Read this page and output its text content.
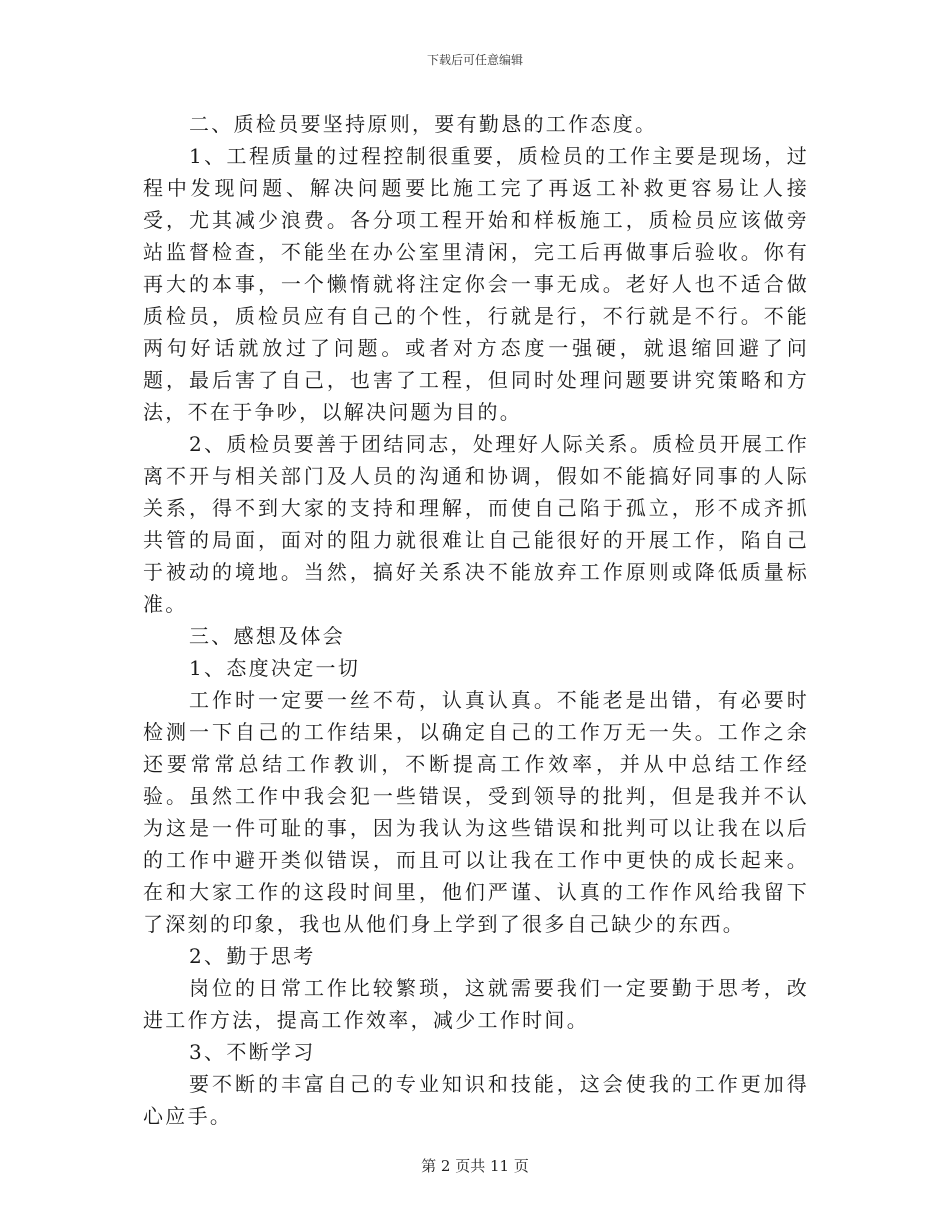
下载后可任意编辑

二、质检员要坚持原则，要有勤恳的工作态度。

1、工程质量的过程控制很重要，质检员的工作主要是现场，过程中发现问题、解决问题要比施工完了再返工补救更容易让人接受，尤其减少浪费。各分项工程开始和样板施工，质检员应该做旁站监督检查，不能坐在办公室里清闲，完工后再做事后验收。你有再大的本事，一个懒惰就将注定你会一事无成。老好人也不适合做质检员，质检员应有自己的个性，行就是行，不行就是不行。不能两句好话就放过了问题。或者对方态度一强硬，就退缩回避了问题，最后害了自己，也害了工程，但同时处理问题要讲究策略和方法，不在于争吵，以解决问题为目的。

2、质检员要善于团结同志，处理好人际关系。质检员开展工作离不开与相关部门及人员的沟通和协调，假如不能搞好同事的人际关系，得不到大家的支持和理解，而使自己陷于孤立，形不成齐抓共管的局面，面对的阻力就很难让自己能很好的开展工作，陷自己于被动的境地。当然，搞好关系决不能放弃工作原则或降低质量标准。

三、感想及体会

1、态度决定一切

工作时一定要一丝不苟，认真认真。不能老是出错，有必要时检测一下自己的工作结果，以确定自己的工作万无一失。工作之余还要常常总结工作教训，不断提高工作效率，并从中总结工作经验。虽然工作中我会犯一些错误，受到领导的批判，但是我并不认为这是一件可耻的事，因为我认为这些错误和批判可以让我在以后的工作中避开类似错误，而且可以让我在工作中更快的成长起来。在和大家工作的这段时间里，他们严谨、认真的工作作风给我留下了深刻的印象，我也从他们身上学到了很多自己缺少的东西。

2、勤于思考

岗位的日常工作比较繁琐，这就需要我们一定要勤于思考，改进工作方法，提高工作效率，减少工作时间。

3、不断学习

要不断的丰富自己的专业知识和技能，这会使我的工作更加得心应手。

第 2 页共 11 页
